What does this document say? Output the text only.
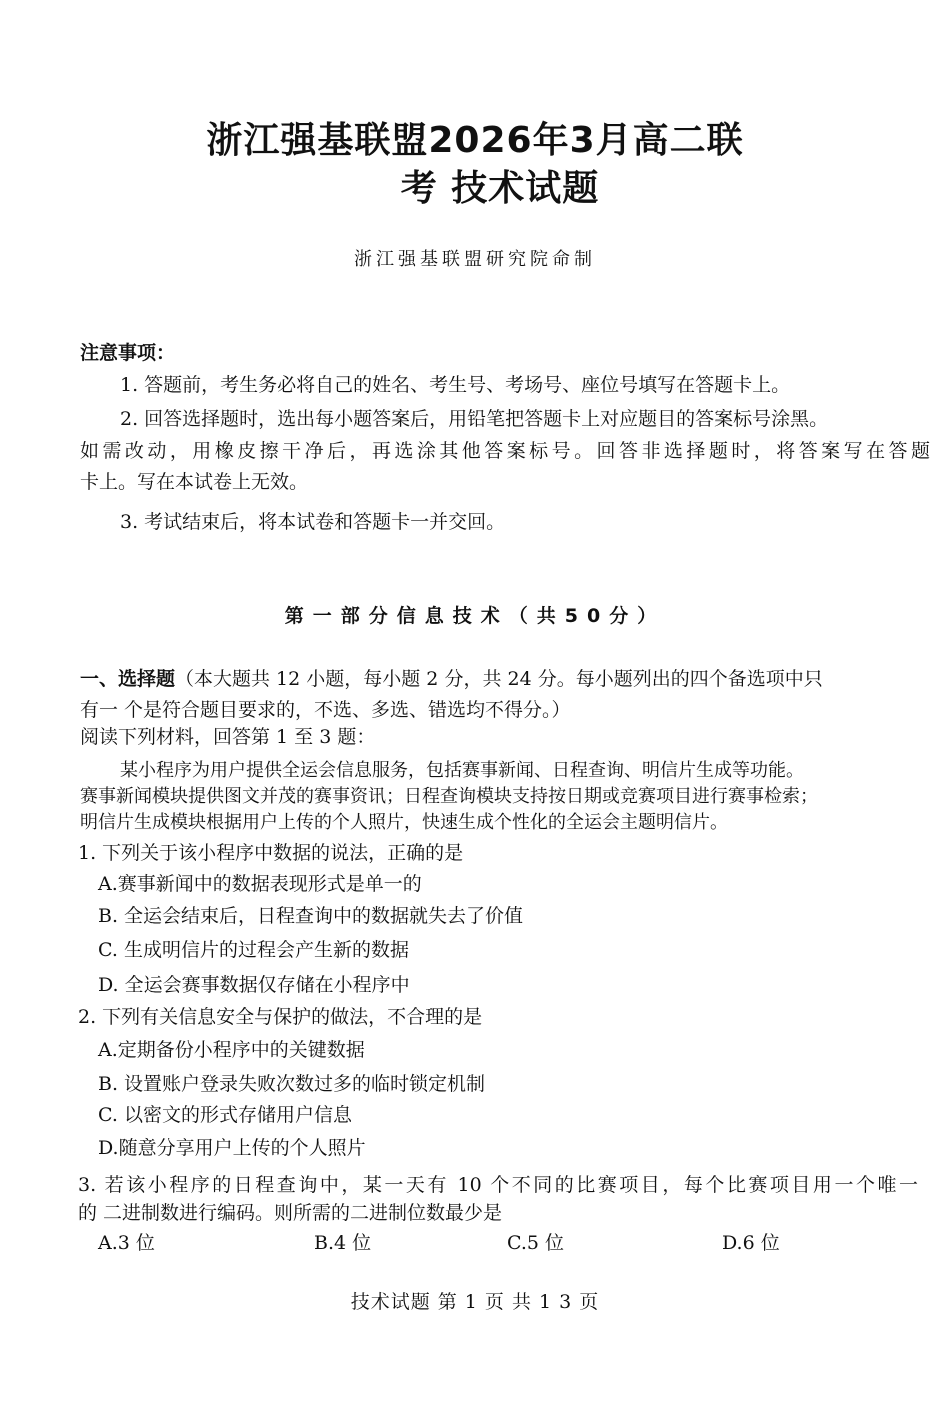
浙江强基联盟2026年3月高二联
考 技术试题
浙江强基联盟研究院命制
注意事项：
1. 答题前，考生务必将自己的姓名、考生号、考场号、座位号填写在答题卡上。
2. 回答选择题时，选出每小题答案后，用铅笔把答题卡上对应题目的答案标号涂黑。
如需改动，用橡皮擦干净后，再选涂其他答案标号。回答非选择题时，将答案写在答题
卡上。写在本试卷上无效。
3. 考试结束后，将本试卷和答题卡一并交回。
第一部分信息技术（共50分）
一、选择题（本大题共 12 小题，每小题 2 分，共 24 分。每小题列出的四个备选项中只
有一 个是符合题目要求的，不选、多选、错选均不得分。）
阅读下列材料，回答第 1 至 3 题：
某小程序为用户提供全运会信息服务，包括赛事新闻、日程查询、明信片生成等功能。
赛事新闻模块提供图文并茂的赛事资讯；日程查询模块支持按日期或竞赛项目进行赛事检索；
明信片生成模块根据用户上传的个人照片，快速生成个性化的全运会主题明信片。
1. 下列关于该小程序中数据的说法，正确的是
A.赛事新闻中的数据表现形式是单一的
B. 全运会结束后，日程查询中的数据就失去了价值
C. 生成明信片的过程会产生新的数据
D. 全运会赛事数据仅存储在小程序中
2. 下列有关信息安全与保护的做法，不合理的是
A.定期备份小程序中的关键数据
B. 设置账户登录失败次数过多的临时锁定机制
C. 以密文的形式存储用户信息
D.随意分享用户上传的个人照片
3. 若该小程序的日程查询中，某一天有 10 个不同的比赛项目，每个比赛项目用一个唯一
的 二进制数进行编码。则所需的二进制位数最少是
A.3 位	B.4 位	C.5 位	D.6 位
技术试题 第 1 页 共 1 3 页
